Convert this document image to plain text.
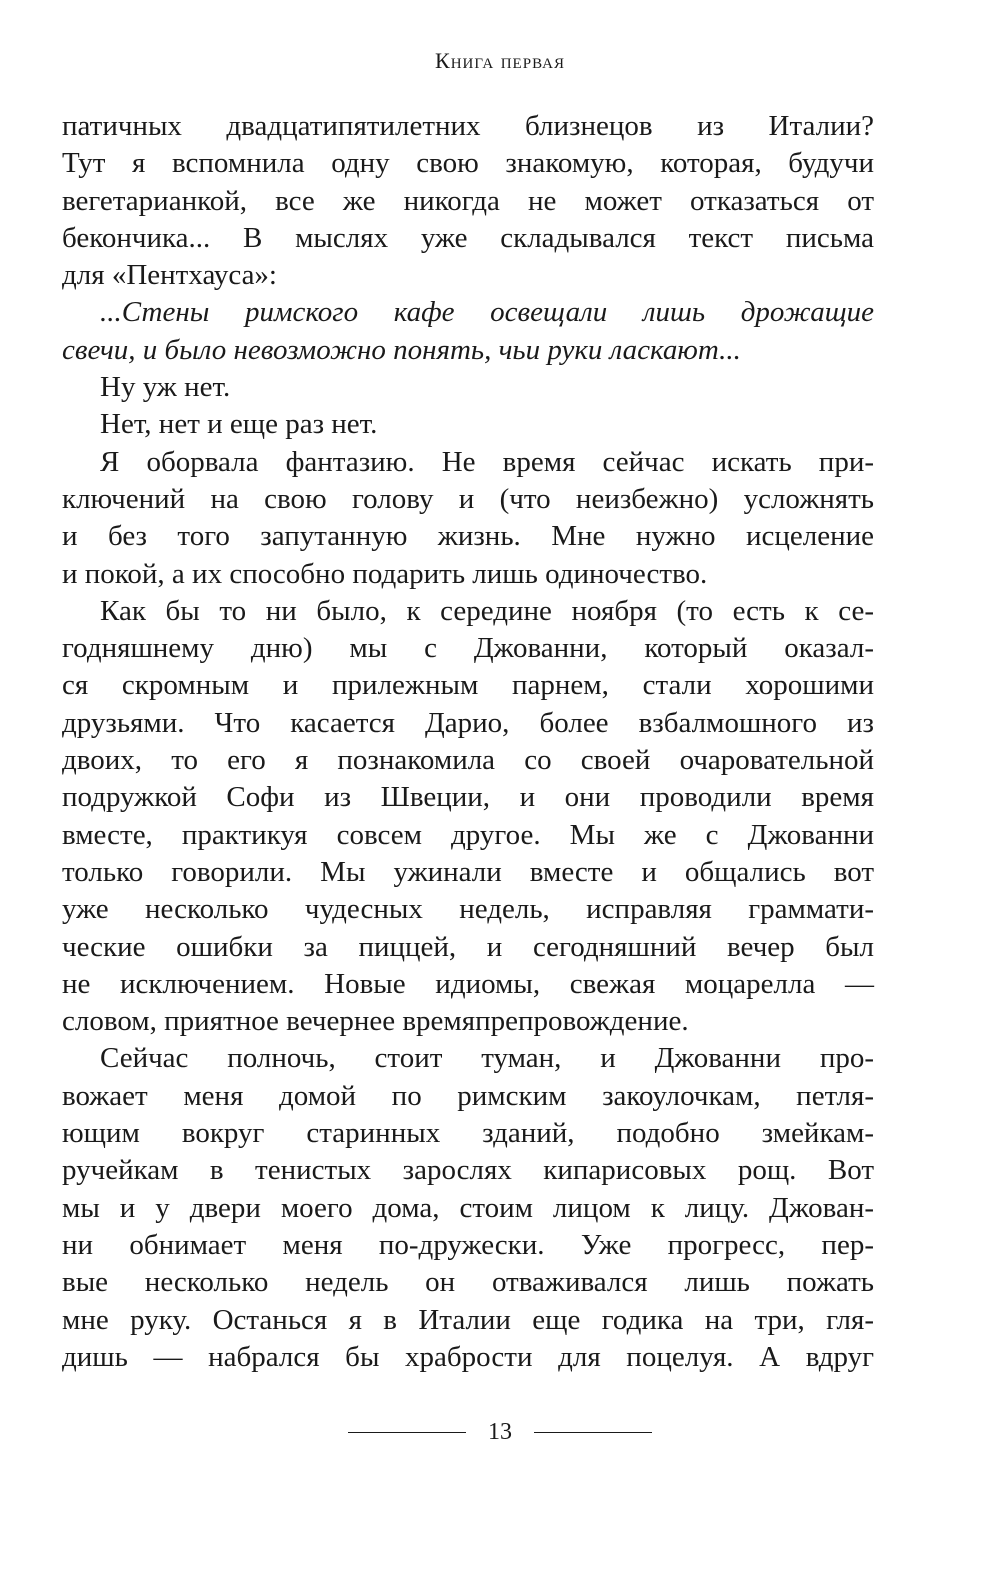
Книга первая
патичных двадцатипятилетних близнецов из Италии?
Тут я вспомнила одну свою знакомую, которая, будучи
вегетарианкой, все же никогда не может отказаться от
бекончика... В мыслях уже складывался текст письма
для «Пентхауса»:
...Стены римского кафе освещали лишь дрожащие
свечи, и было невозможно понять, чьи руки ласкают...
Ну уж нет.
Нет, нет и еще раз нет.
Я оборвала фантазию. Не время сейчас искать при-
ключений на свою голову и (что неизбежно) усложнять
и без того запутанную жизнь. Мне нужно исцеление
и покой, а их способно подарить лишь одиночество.
Как бы то ни было, к середине ноября (то есть к се-
годняшнему дню) мы с Джованни, который оказал-
ся скромным и прилежным парнем, стали хорошими
друзьями. Что касается Дарио, более взбалмошного из
двоих, то его я познакомила со своей очаровательной
подружкой Софи из Швеции, и они проводили время
вместе, практикуя совсем другое. Мы же с Джованни
только говорили. Мы ужинали вместе и общались вот
уже несколько чудесных недель, исправляя граммати-
ческие ошибки за пиццей, и сегодняшний вечер был
не исключением. Новые идиомы, свежая моцарелла —
словом, приятное вечернее времяпрепровождение.
Сейчас полночь, стоит туман, и Джованни про-
вожает меня домой по римским закоулочкам, петля-
ющим вокруг старинных зданий, подобно змейкам-
ручейкам в тенистых зарослях кипарисовых рощ. Вот
мы и у двери моего дома, стоим лицом к лицу. Джован-
ни обнимает меня по-дружески. Уже прогресс, пер-
вые несколько недель он отваживался лишь пожать
мне руку. Останься я в Италии еще годика на три, гля-
дишь — набрался бы храбрости для поцелуя. А вдруг
13
